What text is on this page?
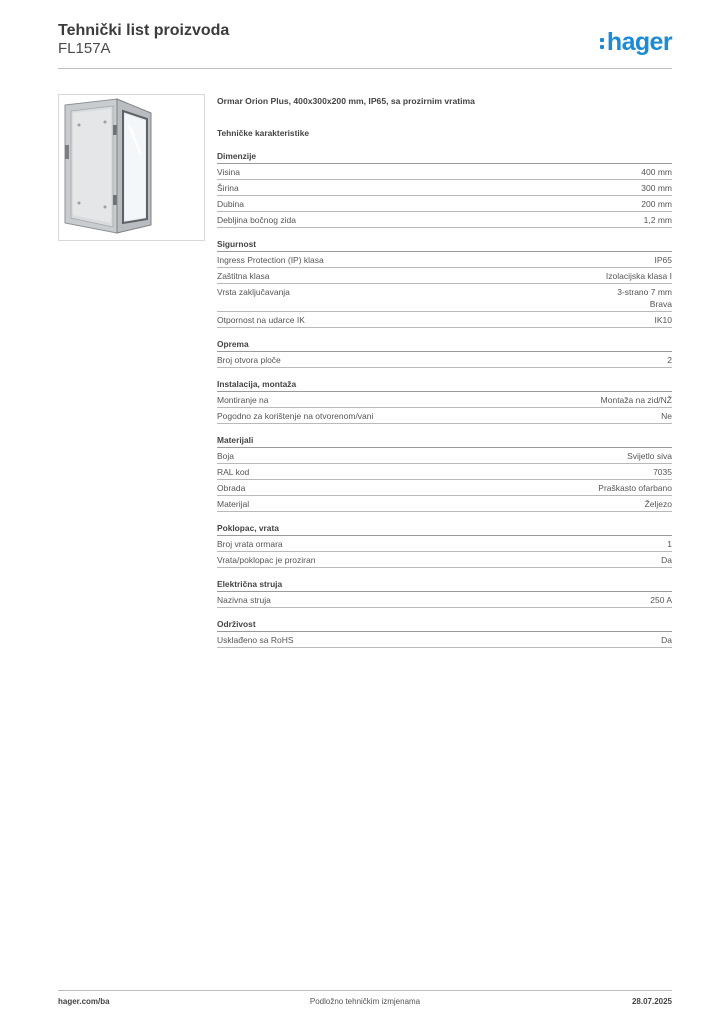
Tehnički list proizvoda
FL157A	hager
Ormar Orion Plus, 400x300x200 mm, IP65, sa prozirnim vratima
Tehničke karakteristike
Dimenzije
Visina	400 mm
Širina	300 mm
Dubina	200 mm
Debljina bočnog zida	1,2 mm
Sigurnost
Ingress Protection (IP) klasa	IP65
Zaštitna klasa	Izolacijska klasa I
Vrsta zaključavanja	3-strano 7 mm
Brava
Otpornost na udarce IK	IK10
Oprema
Broj otvora ploče	2
Instalacija, montaža
Montiranje na	Montaža na zid/NŽ
Pogodno za korištenje na otvorenom/vani	Ne
Materijali
Boja	Svijetlo siva
RAL kod	7035
Obrada	Praškasto ofarbano
Materijal	Željezo
Poklopac, vrata
Broj vrata ormara	1
Vrata/poklopac je proziran	Da
Električna struja
Nazivna struja	250 A
Održivost
Usklađeno sa RoHS	Da
hager.com/ba	Podložno tehničkim izmjenama	28.07.2025
